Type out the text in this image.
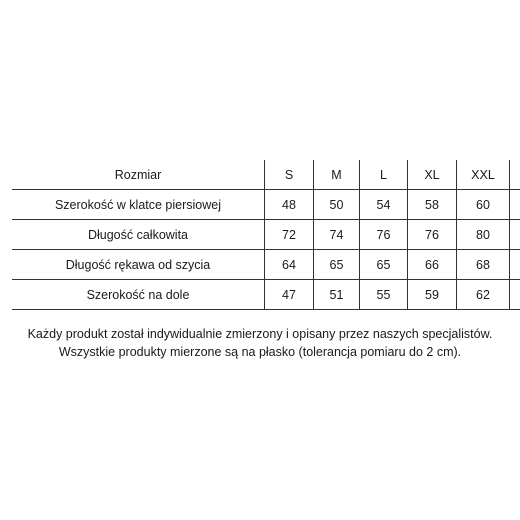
Rozmiar	S	M	L	XL	XXL	
Szerokość w klatce piersiowej	48	50	54	58	60	
Długość całkowita	72	74	76	76	80	
Długość rękawa od szycia	64	65	65	66	68	
Szerokość na dole	47	51	55	59	62	
Każdy produkt został indywidualnie zmierzony i opisany przez naszych specjalistów.
Wszystkie produkty mierzone są na płasko (tolerancja pomiaru do 2 cm).
